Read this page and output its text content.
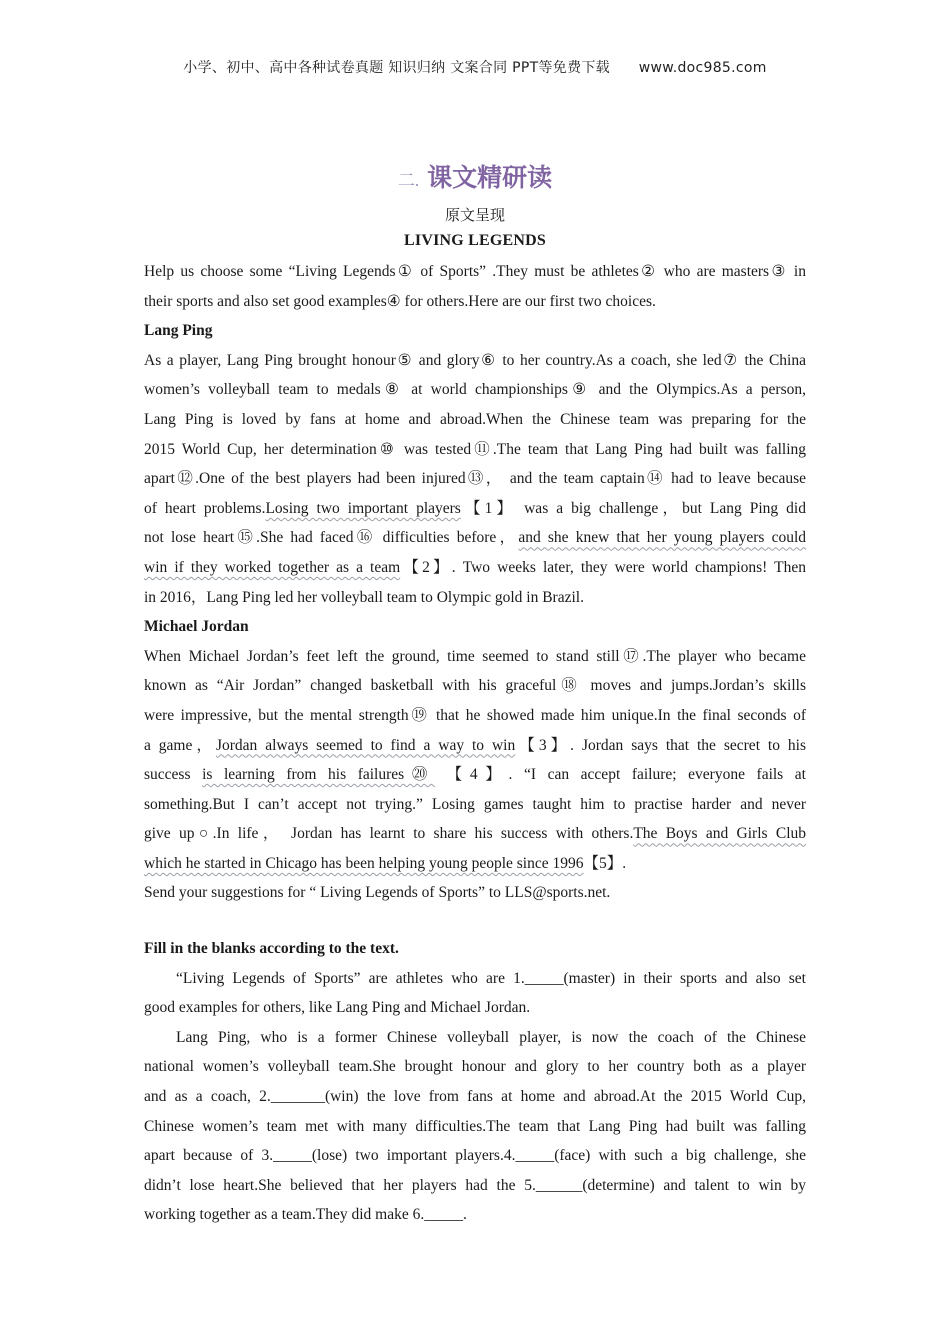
小学、初中、高中各种试卷真题 知识归纳 文案合同 PPT等免费下载 www.doc985.com
二. 课文精研读
原文呈现
LIVING LEGENDS
Help us choose some “Living Legends① of Sports” .They must be athletes② who are masters③ in
their sports and also set good examples④ for others.Here are our first two choices.
Lang Ping
As a player, Lang Ping brought honour⑤ and glory⑥ to her country.As a coach, she led⑦ the China
women’s volleyball team to medals⑧ at world championships⑨ and the Olympics.As a person,
Lang Ping is loved by fans at home and abroad.When the Chinese team was preparing for the
2015 World Cup, her determination⑩ was tested⑪.The team that Lang Ping had built was falling
apart⑫.One of the best players had been injured⑬， and the team captain⑭ had to leave because
of heart problems.Losing two important players【1】 was a big challenge，but Lang Ping did
not lose heart⑮.She had faced⑯ difficulties before，and she knew that her young players could
win if they worked together as a team【2】. Two weeks later, they were world champions! Then
in 2016，Lang Ping led her volleyball team to Olympic gold in Brazil.
Michael Jordan
When Michael Jordan’s feet left the ground, time seemed to stand still⑰.The player who became
known as “Air Jordan” changed basketball with his graceful⑱ moves and jumps.Jordan’s skills
were impressive, but the mental strength⑲ that he showed made him unique.In the final seconds of
a game，Jordan always seemed to find a way to win【3】. Jordan says that the secret to his
success is learning from his failures⑳ 【4】. “I can accept failure; everyone fails at
something.But I can’t accept not trying.” Losing games taught him to practise harder and never
give up○.In life， Jordan has learnt to share his success with others.The Boys and Girls Club
which he started in Chicago has been helping young people since 1996【5】.
Send your suggestions for “ Living Legends of Sports” to LLS@sports.net.
Fill in the blanks according to the text.
“Living Legends of Sports” are athletes who are 1._____(master) in their sports and also set
good examples for others, like Lang Ping and Michael Jordan.
Lang Ping, who is a former Chinese volleyball player, is now the coach of the Chinese
national women’s volleyball team.She brought honour and glory to her country both as a player
and as a coach, 2._______(win) the love from fans at home and abroad.At the 2015 World Cup,
Chinese women’s team met with many difficulties.The team that Lang Ping had built was falling
apart because of 3._____(lose) two important players.4._____(face) with such a big challenge, she
didn’t lose heart.She believed that her players had the 5.______(determine) and talent to win by
working together as a team.They did make 6._____.
